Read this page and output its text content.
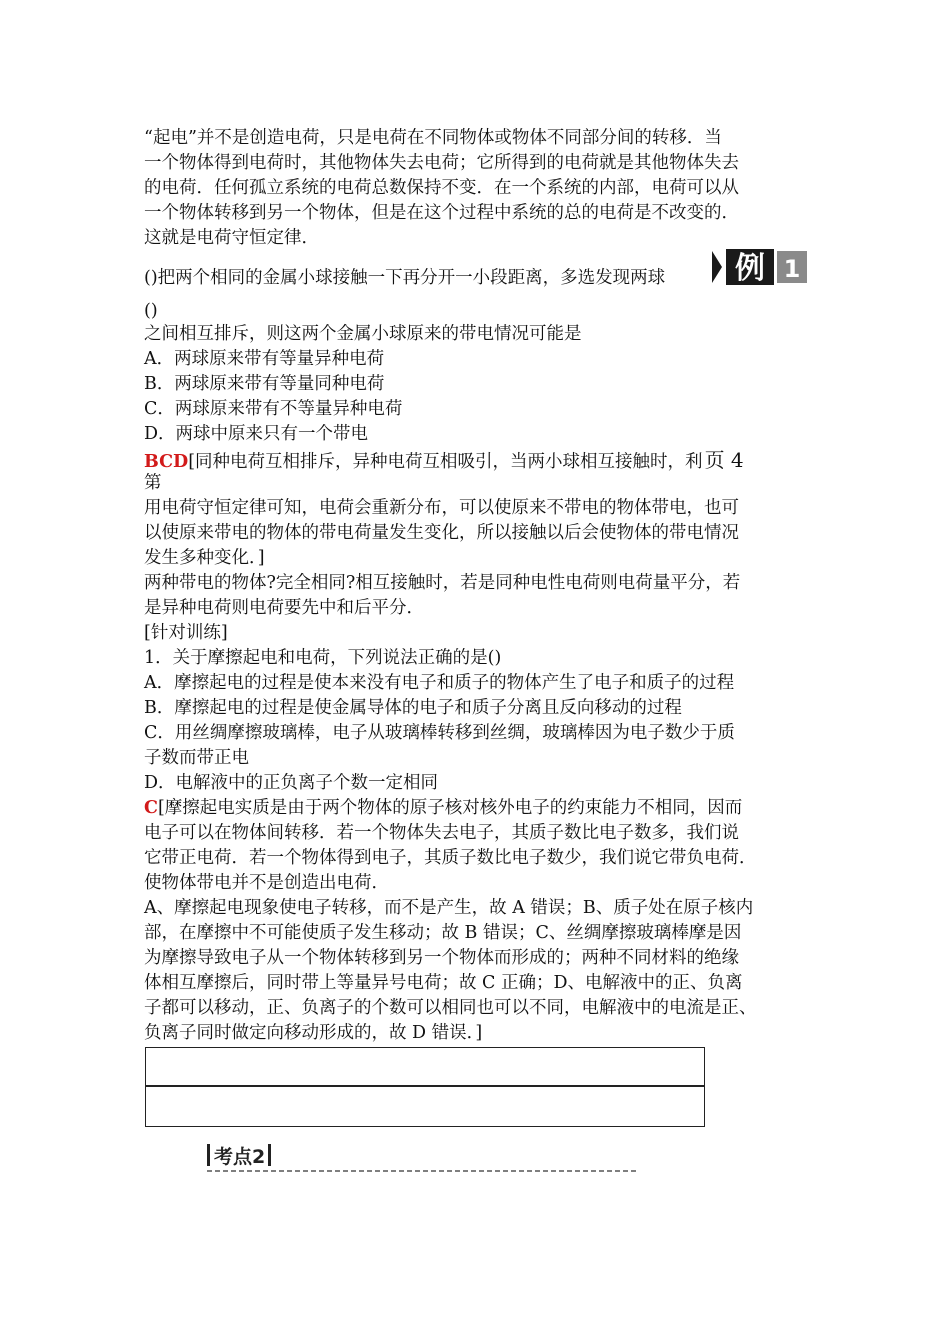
“起电”并不是创造电荷，只是电荷在不同物体或物体不同部分间的转移．当
一个物体得到电荷时，其他物体失去电荷；它所得到的电荷就是其他物体失去
的电荷．任何孤立系统的电荷总数保持不变．在一个系统的内部，电荷可以从
一个物体转移到另一个物体，但是在这个过程中系统的总的电荷是不改变的．
这就是电荷守恒定律．
例 1
()把两个相同的金属小球接触一下再分开一小段距离，多选发现两球
()
之间相互排斥，则这两个金属小球原来的带电情况可能是
A．两球原来带有等量异种电荷
B．两球原来带有等量同种电荷
C．两球原来带有不等量异种电荷
D．两球中原来只有一个带电
BCD[同种电荷互相排斥，异种电荷互相吸引，当两小球相互接触时，利 页 4
第
用电荷守恒定律可知，电荷会重新分布，可以使原来不带电的物体带电，也可
以使原来带电的物体的带电荷量发生变化，所以接触以后会使物体的带电情况
发生多种变化．]
两种带电的物体?完全相同?相互接触时，若是同种电性电荷则电荷量平分，若
是异种电荷则电荷要先中和后平分．
[针对训练]
1．关于摩擦起电和电荷，下列说法正确的是()
A．摩擦起电的过程是使本来没有电子和质子的物体产生了电子和质子的过程
B．摩擦起电的过程是使金属导体的电子和质子分离且反向移动的过程
C．用丝绸摩擦玻璃棒，电子从玻璃棒转移到丝绸，玻璃棒因为电子数少于质
子数而带正电
D．电解液中的正负离子个数一定相同
C[摩擦起电实质是由于两个物体的原子核对核外电子的约束能力不相同，因而
电子可以在物体间转移．若一个物体失去电子，其质子数比电子数多，我们说
它带正电荷．若一个物体得到电子，其质子数比电子数少，我们说它带负电荷．
使物体带电并不是创造出电荷．
A、摩擦起电现象使电子转移，而不是产生，故 A 错误；B、质子处在原子核内
部，在摩擦中不可能使质子发生移动；故 B 错误；C、丝绸摩擦玻璃棒摩是因
为摩擦导致电子从一个物体转移到另一个物体而形成的；两种不同材料的绝缘
体相互摩擦后，同时带上等量异号电荷；故 C 正确；D、电解液中的正、负离
子都可以移动，正、负离子的个数可以相同也可以不同，电解液中的电流是正、
负离子同时做定向移动形成的，故 D 错误．]
考点2
